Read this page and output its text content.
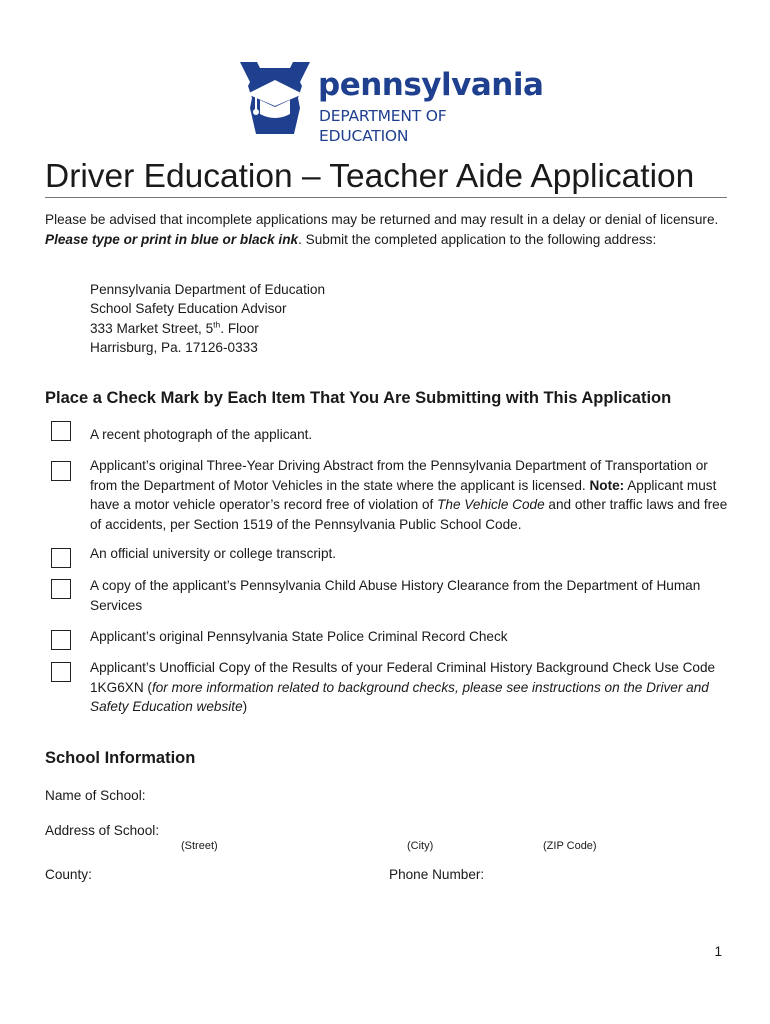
pennsylvania
DEPARTMENT OF EDUCATION
Driver Education – Teacher Aide Application
Please be advised that incomplete applications may be returned and may result in a delay or denial of licensure. Please type or print in blue or black ink. Submit the completed application to the following address:
Pennsylvania Department of Education
School Safety Education Advisor
333 Market Street, 5th. Floor
Harrisburg, Pa. 17126-0333
Place a Check Mark by Each Item That You Are Submitting with This Application
A recent photograph of the applicant.
Applicant’s original Three-Year Driving Abstract from the Pennsylvania Department of Transportation or from the Department of Motor Vehicles in the state where the applicant is licensed. Note: Applicant must have a motor vehicle operator’s record free of violation of The Vehicle Code and other traffic laws and free of accidents, per Section 1519 of the Pennsylvania Public School Code.
An official university or college transcript.
A copy of the applicant’s Pennsylvania Child Abuse History Clearance from the Department of Human Services
Applicant’s original Pennsylvania State Police Criminal Record Check
Applicant’s Unofficial Copy of the Results of your Federal Criminal History Background Check Use Code 1KG6XN (for more information related to background checks, please see instructions on the Driver and Safety Education website)
School Information
Name of School:
Address of School:
(Street)	(City)	(ZIP Code)
County:	Phone Number:
1
